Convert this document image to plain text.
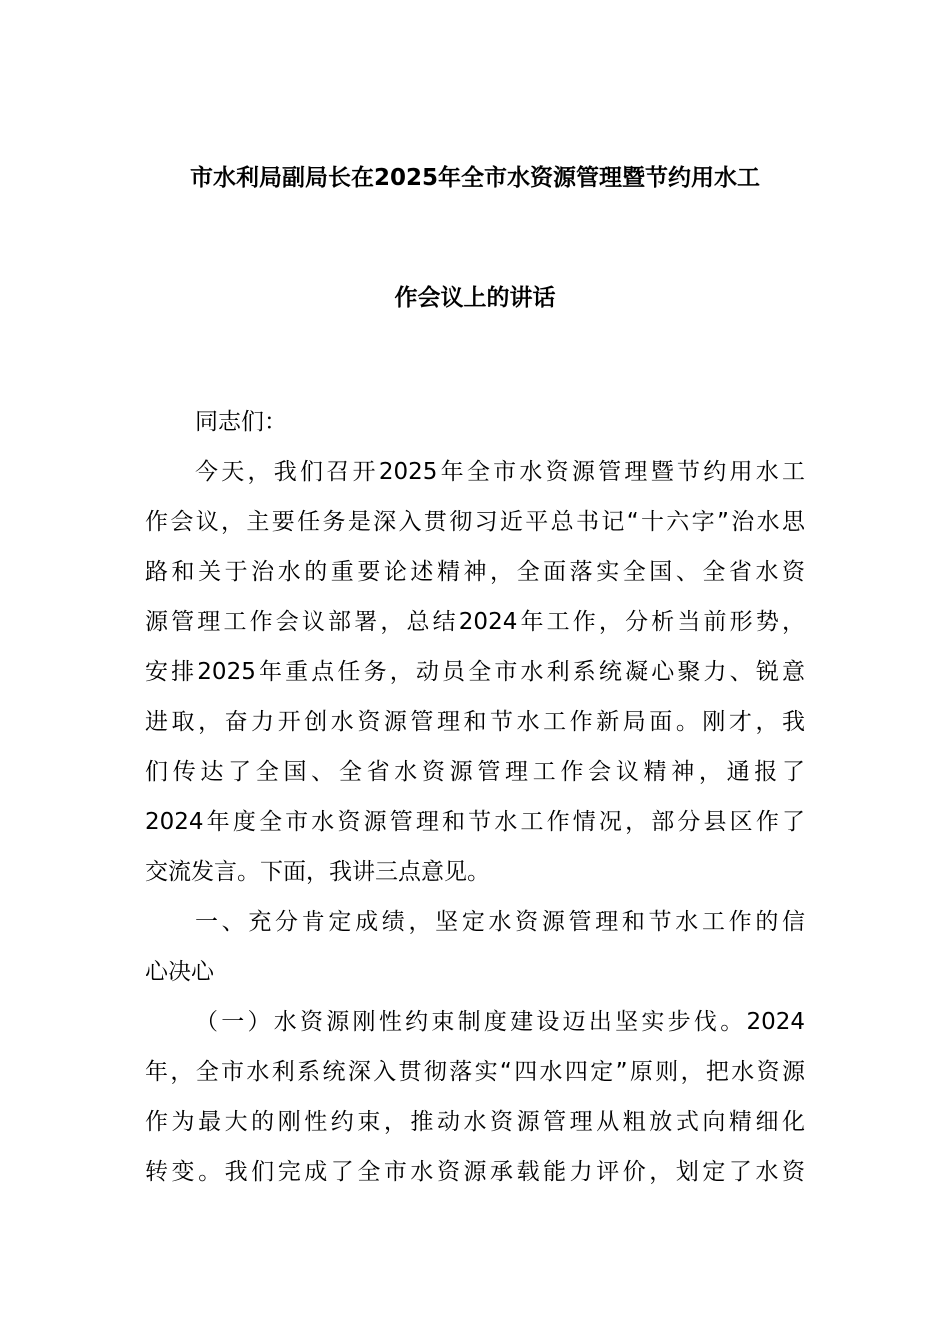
市水利局副局长在2025年全市水资源管理暨节约用水工
作会议上的讲话
同志们：
今天，我们召开2025年全市水资源管理暨节约用水工
作会议，主要任务是深入贯彻习近平总书记“十六字”治水思
路和关于治水的重要论述精神，全面落实全国、全省水资
源管理工作会议部署，总结2024年工作，分析当前形势，
安排2025年重点任务，动员全市水利系统凝心聚力、锐意
进取，奋力开创水资源管理和节水工作新局面。刚才，我
们传达了全国、全省水资源管理工作会议精神，通报了
2024年度全市水资源管理和节水工作情况，部分县区作了
交流发言。下面，我讲三点意见。
一、充分肯定成绩，坚定水资源管理和节水工作的信
心决心
（一）水资源刚性约束制度建设迈出坚实步伐。2024
年，全市水利系统深入贯彻落实“四水四定”原则，把水资源
作为最大的刚性约束，推动水资源管理从粗放式向精细化
转变。我们完成了全市水资源承载能力评价，划定了水资
